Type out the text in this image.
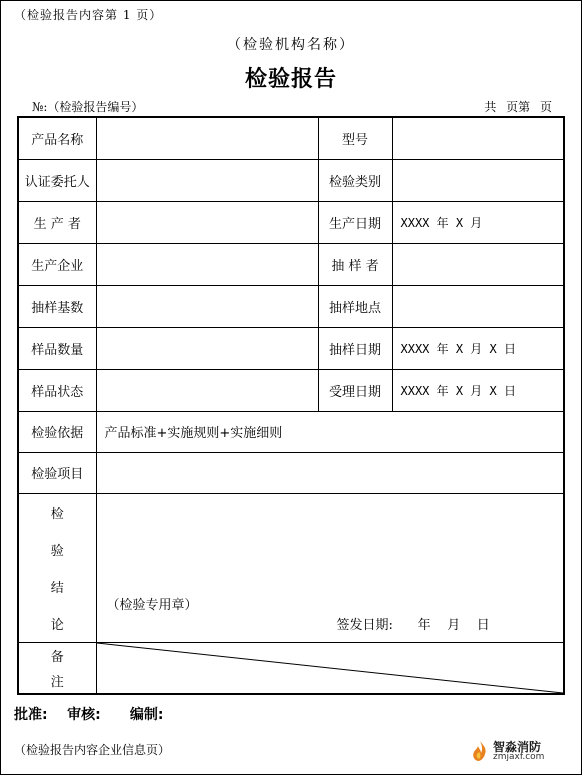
（检验报告内容第 1 页）
（检验机构名称）
检验报告
№:（检验报告编号）	共 页第 页
产品名称		型号	
认证委托人		检验类别	
生 产 者		生产日期	XXXX 年 X 月
生产企业		抽 样 者	
抽样基数		抽样地点	
样品数量		抽样日期	XXXX 年 X 月 X 日
样品状态		受理日期	XXXX 年 X 月 X 日
检验依据	产品标准+实施规则+实施细则		
检验项目			

检
验
结
论	（检验专用章）
签发日期:      年    月    日		

备
注

批准:    审核:      编制:
（检验报告内容企业信息页）	智淼消防
zmjaxf.com
